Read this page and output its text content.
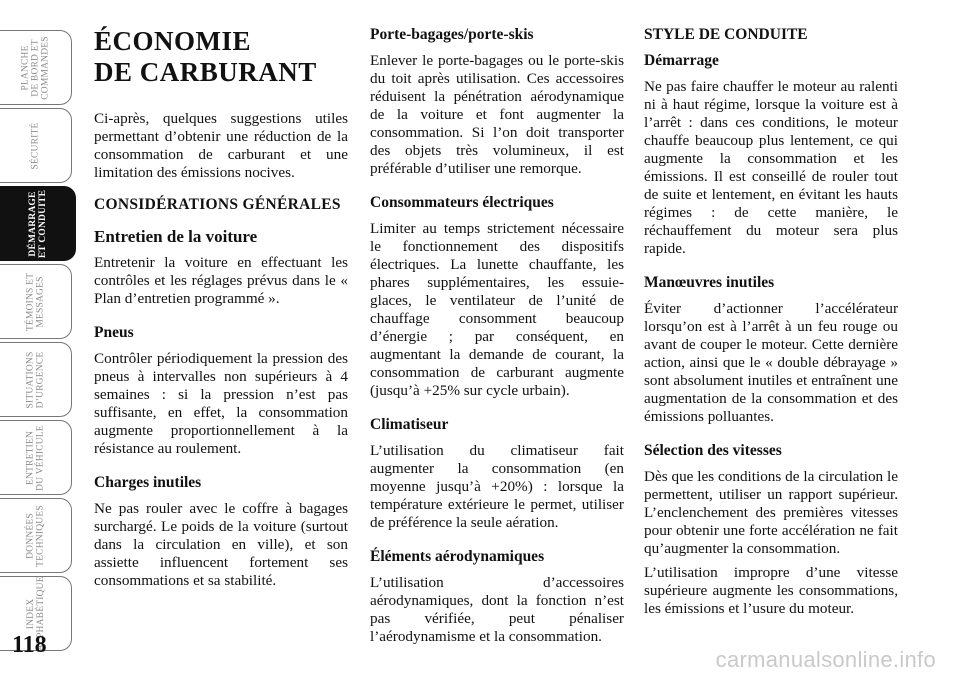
PLANCHE
DE BORD ET
COMMANDES
SÉCURITÉ
DÉMARRAGE
ET CONDUITE
TÉMOINS ET
MESSAGES
SITUATIONS
D’URGENCE
ENTRETIEN
DU VÉHICULE
DONNÉES
TECHNIQUES
INDEX
ALPHABÉTIQUE
118
ÉCONOMIE
DE CARBURANT

Ci-après, quelques suggestions utiles permettant d’obtenir une réduction de la consommation de carburant et une limitation des émissions nocives.

CONSIDÉRATIONS GÉNÉRALES
Entretien de la voiture

Entretenir la voiture en effectuant les contrôles et les réglages prévus dans le « Plan d’entretien programmé ».

Pneus

Contrôler périodiquement la pression des pneus à intervalles non supérieurs à 4 semaines : si la pression n’est pas suffisante, en effet, la consommation augmente proportionnellement à la résistance au roulement.

Charges inutiles

Ne pas rouler avec le coffre à bagages surchargé. Le poids de la voiture (surtout dans la circulation en ville), et son assiette influencent fortement ses consommations et sa stabilité.

Porte-bagages/porte-skis

Enlever le porte-bagages ou le porte-skis du toit après utilisation. Ces accessoires réduisent la pénétration aérodynamique de la voiture et font augmenter la consommation. Si l’on doit transporter des objets très volumineux, il est préférable d’utiliser une remorque.

Consommateurs électriques

Limiter au temps strictement nécessaire le fonctionnement des dispositifs électriques. La lunette chauffante, les phares supplémentaires, les essuie-glaces, le ventilateur de l’unité de chauffage consomment beaucoup d’énergie ; par conséquent, en augmentant la demande de courant, la consommation de carburant augmente (jusqu’à +25% sur cycle urbain).

Climatiseur

L’utilisation du climatiseur fait augmenter la consommation (en moyenne jusqu’à +20%) : lorsque la température extérieure le permet, utiliser de préférence la seule aération.

Éléments aérodynamiques

L’utilisation d’accessoires aérodynamiques, dont la fonction n’est pas vérifiée, peut pénaliser l’aérodynamisme et la consommation.

STYLE DE CONDUITE
Démarrage

Ne pas faire chauffer le moteur au ralenti ni à haut régime, lorsque la voiture est à l’arrêt : dans ces conditions, le moteur chauffe beaucoup plus lentement, ce qui augmente la consommation et les émissions. Il est conseillé de rouler tout de suite et lentement, en évitant les hauts régimes : de cette manière, le réchauffement du moteur sera plus rapide.

Manœuvres inutiles

Éviter d’actionner l’accélérateur lorsqu’on est à l’arrêt à un feu rouge ou avant de couper le moteur. Cette dernière action, ainsi que le « double débrayage » sont absolument inutiles et entraînent une augmentation de la consommation et des émissions polluantes.

Sélection des vitesses

Dès que les conditions de la circulation le permettent, utiliser un rapport supérieur. L’enclenchement des premières vitesses pour obtenir une forte accélération ne fait qu’augmenter la consommation.

L’utilisation impropre d’une vitesse supérieure augmente les consommations, les émissions et l’usure du moteur.

carmanualsonline.info
